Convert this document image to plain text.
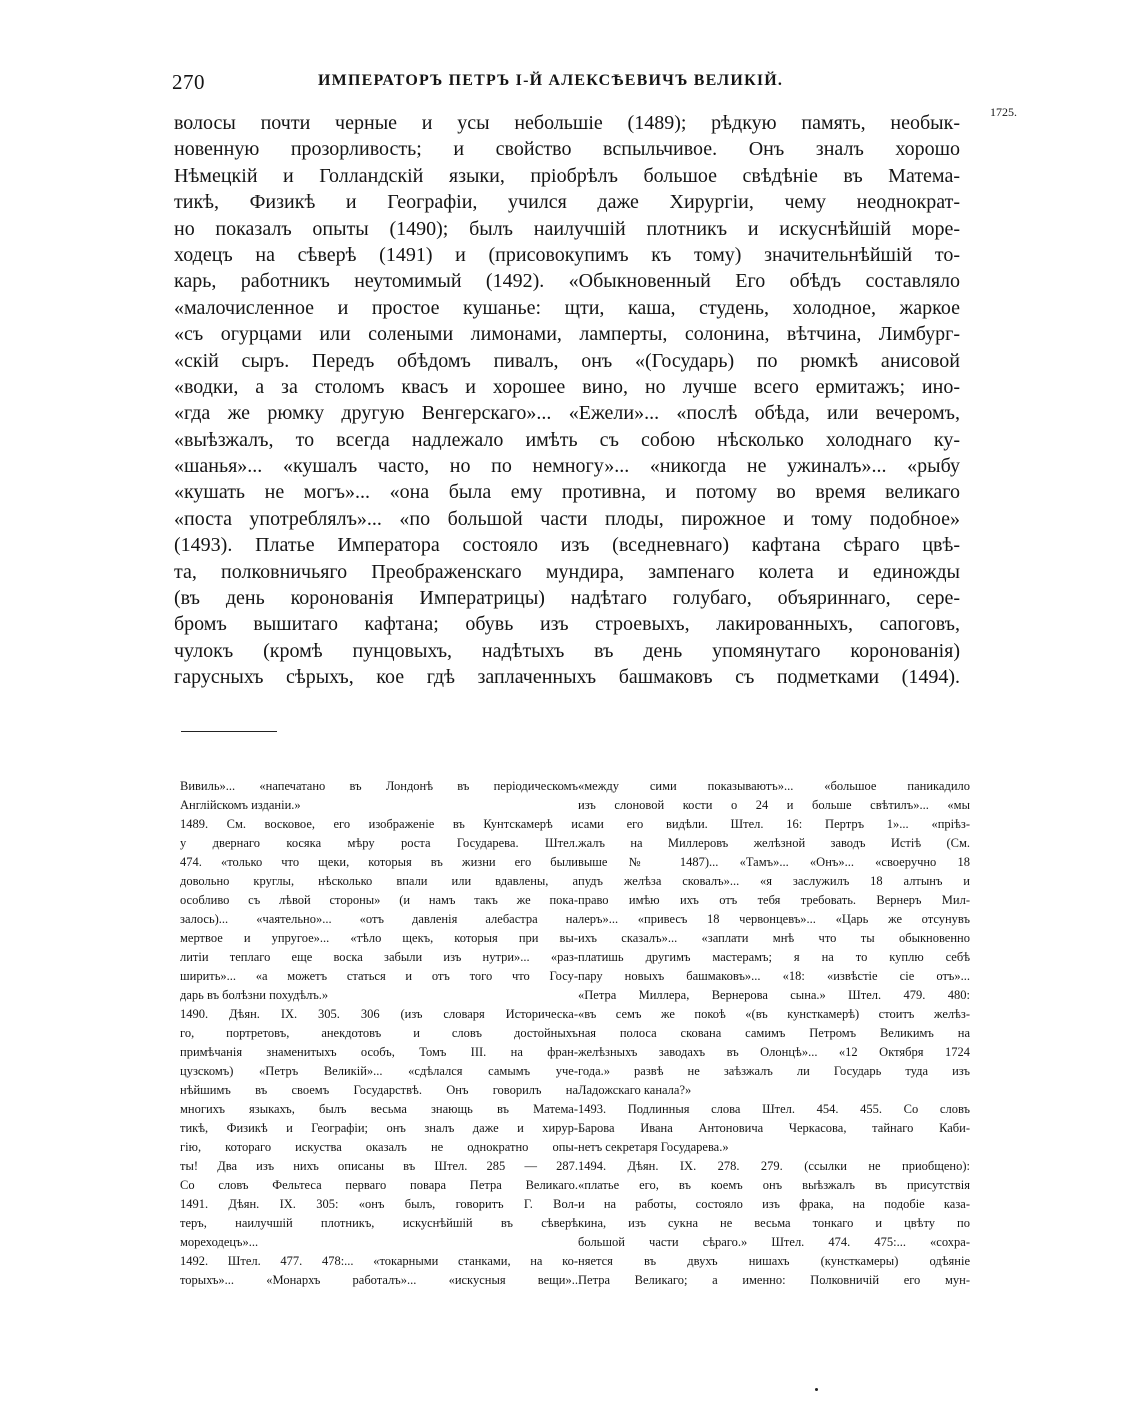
270	ИМПЕРАТОРЪ ПЕТРЪ I-Й АЛЕКСѢЕВИЧЪ ВЕЛИКІЙ.
1725.
волосы почти черные и усы небольшіе (1489); рѣдкую память, необык-
новенную прозорливость; и свойство вспыльчивое. Онъ зналъ хорошо
Нѣмецкій и Голландскій языки, пріобрѣлъ большое свѣдѣніе въ Матема-
тикѣ, Физикѣ и Географіи, учился даже Хирургіи, чему неоднократ-
но показалъ опыты (1490); былъ наилучшій плотникъ и искуснѣйшій море-
ходецъ на сѣверѣ (1491) и (присовокупимъ къ тому) значительнѣйшій то-
карь, работникъ неутомимый (1492). «Обыкновенный Его обѣдъ составляло
«малочисленное и простое кушанье: щти, каша, студень, холодное, жаркое
«съ огурцами или солеными лимонами, ламперты, солонина, вѣтчина, Лимбург-
«скій сыръ. Передъ обѣдомъ пивалъ, онъ «(Государь) по рюмкѣ анисовой
«водки, а за столомъ квасъ и хорошее вино, но лучше всего ермитажъ; ино-
«гда же рюмку другую Венгерскаго»... «Ежели»... «послѣ обѣда, или вечеромъ,
«выѣзжалъ, то всегда надлежало имѣть съ собою нѣсколько холоднаго ку-
«шанья»... «кушалъ часто, но по немногу»... «никогда не ужиналъ»... «рыбу
«кушать не могъ»... «она была ему противна, и потому во время великаго
«поста употреблялъ»... «по большой части плоды, пирожное и тому подобное»
(1493). Платье Императора состояло изъ (вседневнаго) кафтана сѣраго цвѣ-
та, полковничьяго Преображенскаго мундира, зампенаго колета и единожды
(въ день коронованія Императрицы) надѣтаго голубаго, объяриннаго, сере-
бромъ вышитаго кафтана; обувь изъ строевыхъ, лакированныхъ, сапоговъ,
чулокъ (кромѣ пунцовыхъ, надѣтыхъ въ день упомянутаго коронованія)
гарусныхъ сѣрыхъ, кое гдѣ заплаченныхъ башмаковъ съ подметками (1494).
Вивиль»... «напечатано въ Лондонѣ въ періодическомъ
Англійскомъ изданіи.»
1489. См. восковое, его изображеніе въ Кунтскамерѣ и
у двернаго косяка мѣру роста Государева. Штел.
474. «только что щеки, которыя въ жизни его были
довольно круглы, нѣсколько впали или вдавлены, а
особливо съ лѣвой стороны» (и намъ такъ же пока-
залось)... «чаятельно»... «отъ давленія алебастра на
мертвое и упругое»... «тѣло щекъ, которыя при вы-
литіи теплаго еще воска забыли изъ нутри»... «раз-
ширить»... «а можетъ статься и отъ того что Госу-
дарь въ болѣзни похудѣлъ.»
1490. Дѣян. IX. 305. 306 (изъ словаря Историческа-
го, портретовъ, анекдотовъ и словъ достойныхъ
примѣчанія знаменитыхъ особъ, Томъ III. на фран-
цузскомъ) «Петръ Великій»... «сдѣлался самымъ уче-
нѣйшимъ въ своемъ Государствѣ. Онъ говорилъ на
многихъ языкахъ, былъ весьма знающь въ Матема-
тикѣ, Физикѣ и Географіи; онъ зналъ даже и хирур-
гію, котораго искуства оказалъ не однократно опы-
ты! Два изъ нихъ описаны въ Штел. 285 — 287.
Со словъ Фельтеса перваго повара Петра Великаго.
1491. Дѣян. IX. 305: «онъ былъ, говоритъ Г. Вол-
теръ, наилучшій плотникъ, искуснѣйшій въ сѣверѣ
мореходецъ»...
1492. Штел. 477. 478:... «токарными станками, на ко-
торыхъ»... «Монархъ работалъ»... «искусныя вещи»..
«между сими показываютъ»... «большое паникадило
изъ слоновой кости о 24 и больше свѣтилъ»... «мы
сами его видѣли. Штел. 16: Пертръ 1»... «пріѣз-
жалъ на Миллеровъ желѣзной заводъ Истіѣ (См.
выше № 1487)... «Тамъ»... «Онъ»... «своеручно 18
пудъ желѣза сковалъ»... «я заслужилъ 18 алтынъ и
право имѣю ихъ отъ тебя требовать. Вернеръ Мил-
леръ»... «привесъ 18 червонцевъ»... «Царь же отсунувъ
ихъ сказалъ»... «заплати мнѣ что ты обыкновенно
платишь другимъ мастерамъ; я на то куплю себѣ
пару новыхъ башмаковъ»... «18: «извѣстіе сіе отъ»...
«Петра Миллера, Вернерова сына.» Штел. 479. 480:
«въ семъ же покоѣ «(въ кунсткамерѣ) стоитъ желѣз-
ная полоса скована самимъ Петромъ Великимъ на
желѣзныхъ заводахъ въ Олонцѣ»... «12 Октября 1724
года.» развѣ не заѣзжалъ ли Государь туда изъ
Ладожскаго канала?»
1493. Подлинныя слова Штел. 454. 455. Со словъ
Барова Ивана Антоновича Черкасова, тайнаго Каби-
нетъ секретаря Государева.»
1494. Дѣян. IX. 278. 279. (ссылки не приобщено):
«платье его, въ коемъ онъ выѣзжалъ въ присутствія
и на работы, состояло изъ фрака, на подобіе каза-
кина, изъ сукна не весьма тонкаго и цвѣту по
большой части сѣраго.» Штел. 474. 475:... «сохра-
няется въ двухъ нишахъ (кунсткамеры) одѣяніе
Петра Великаго; а именно: Полковничій его мун-
